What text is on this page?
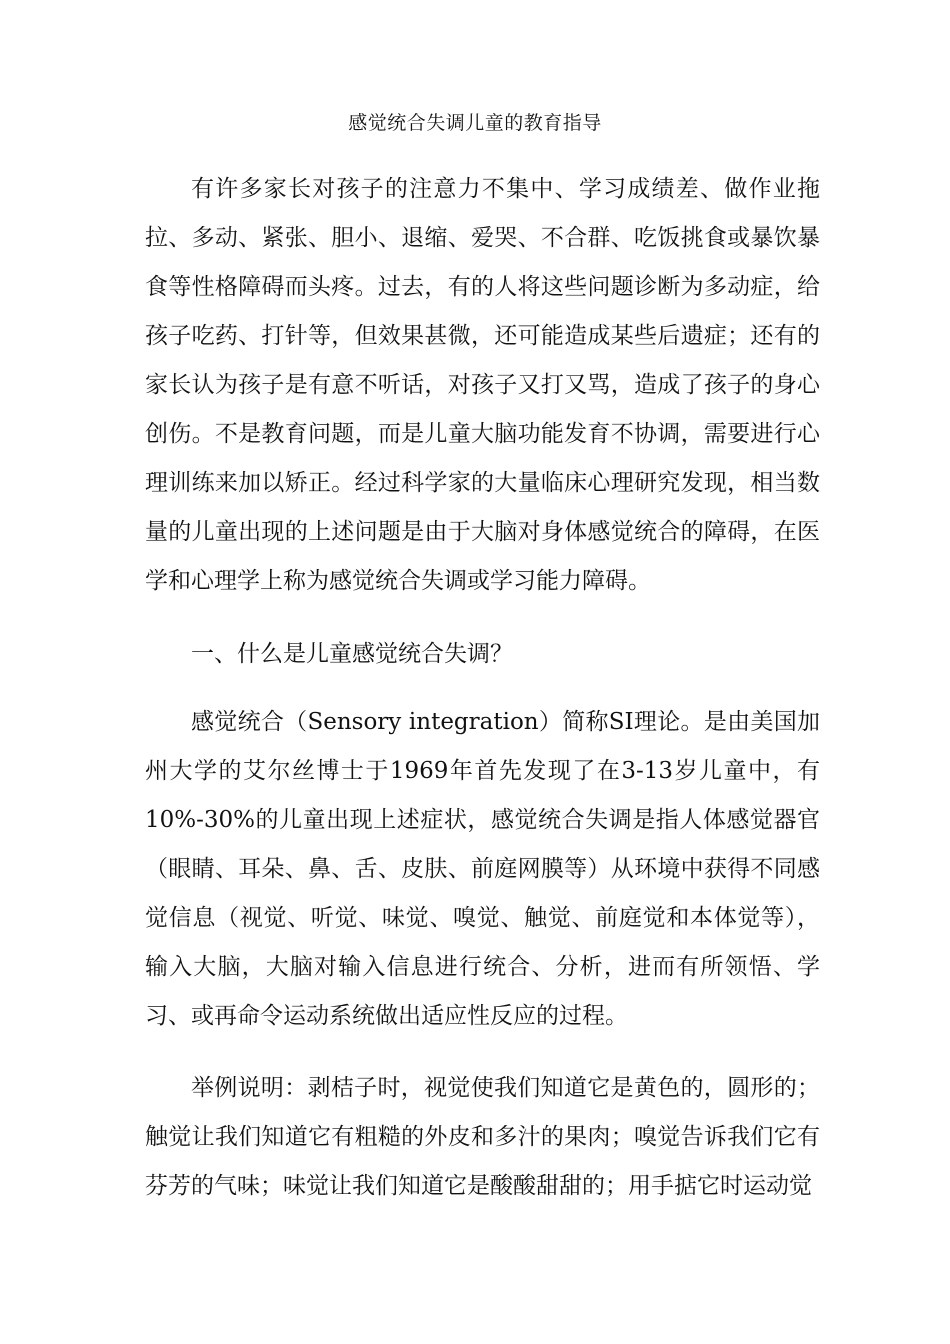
感觉统合失调儿童的教育指导

有许多家长对孩子的注意力不集中、学习成绩差、做作业拖拉、多动、紧张、胆小、退缩、爱哭、不合群、吃饭挑食或暴饮暴食等性格障碍而头疼。过去，有的人将这些问题诊断为多动症，给孩子吃药、打针等，但效果甚微，还可能造成某些后遗症；还有的家长认为孩子是有意不听话，对孩子又打又骂，造成了孩子的身心创伤。不是教育问题，而是儿童大脑功能发育不协调，需要进行心理训练来加以矫正。经过科学家的大量临床心理研究发现，相当数量的儿童出现的上述问题是由于大脑对身体感觉统合的障碍，在医学和心理学上称为感觉统合失调或学习能力障碍。

一、什么是儿童感觉统合失调？

感觉统合（Sensory integration）简称SI理论。是由美国加州大学的艾尔丝博士于1969年首先发现了在3-13岁儿童中，有10%-30%的儿童出现上述症状，感觉统合失调是指人体感觉器官（眼睛、耳朵、鼻、舌、皮肤、前庭网膜等）从环境中获得不同感觉信息（视觉、听觉、味觉、嗅觉、触觉、前庭觉和本体觉等），输入大脑，大脑对输入信息进行统合、分析，进而有所领悟、学习、或再命令运动系统做出适应性反应的过程。

举例说明：剥桔子时，视觉使我们知道它是黄色的，圆形的；触觉让我们知道它有粗糙的外皮和多汁的果肉；嗅觉告诉我们它有芬芳的气味；味觉让我们知道它是酸酸甜甜的；用手掂它时运动觉
